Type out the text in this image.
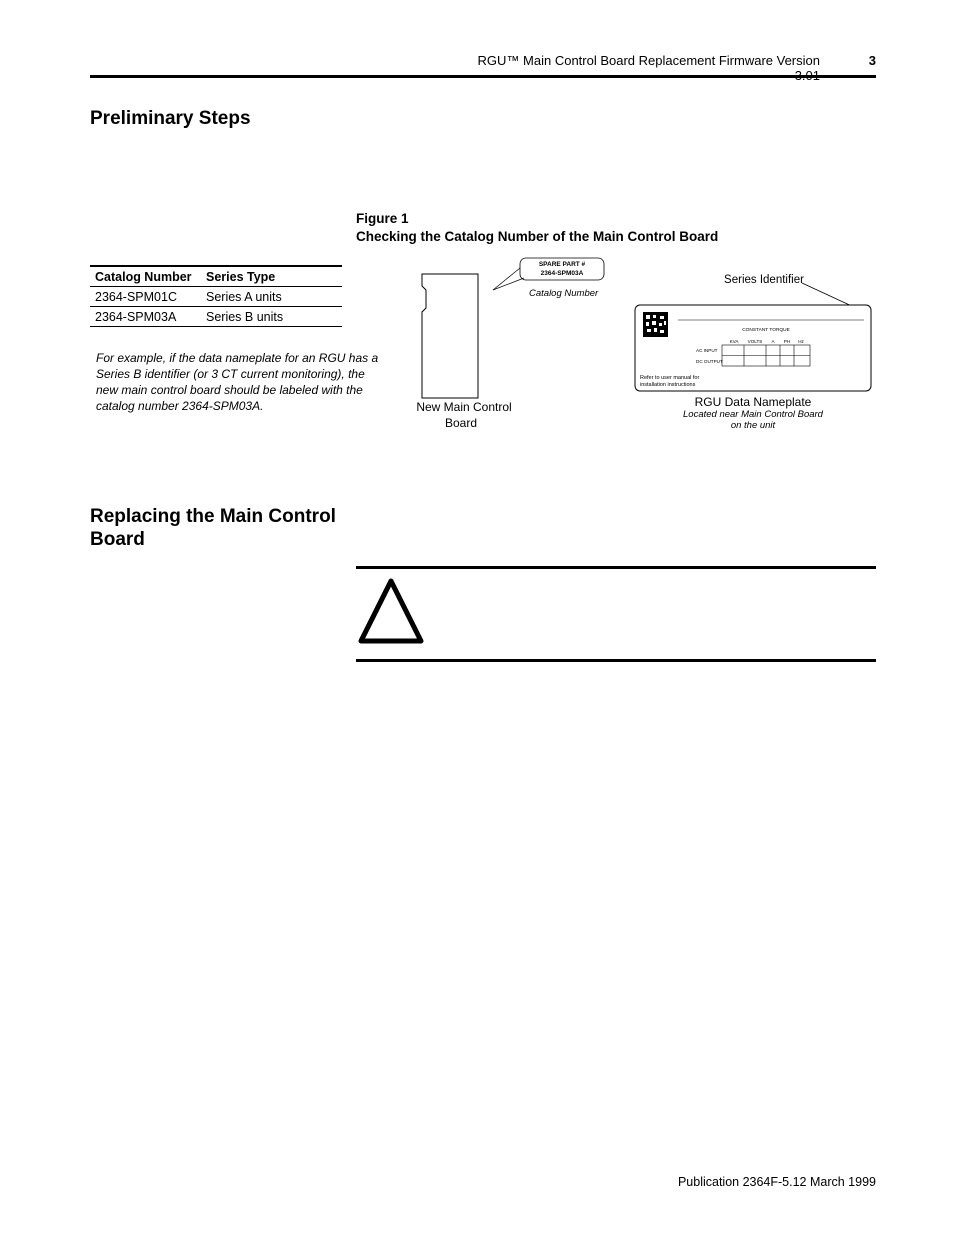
RGU™ Main Control Board Replacement Firmware Version	3
Preliminary Steps
Figure 1
Checking the Catalog Number of the Main Control Board
Catalog Number	Series Type
2364-SPM01C	Series A units
2364-SPM03A	Series B units
For example, if the data nameplate for an RGU has a Series B identifier (or 3 CT current monitoring), the new main control board should be labeled with the catalog number 2364-SPM03A.
SPARE PART #
2364-SPM03A
Catalog Number
New Main Control
Board
Series Identifier
CONSTANT TORQUE
KVA VOLTS A PH Hz
AC INPUT
DC OUTPUT
Refer to user manual for
installation instructions
RGU Data Nameplate
Located near Main Control Board
on the unit
Replacing the Main Control Board
Publication 2364F-5.12 March 1999
